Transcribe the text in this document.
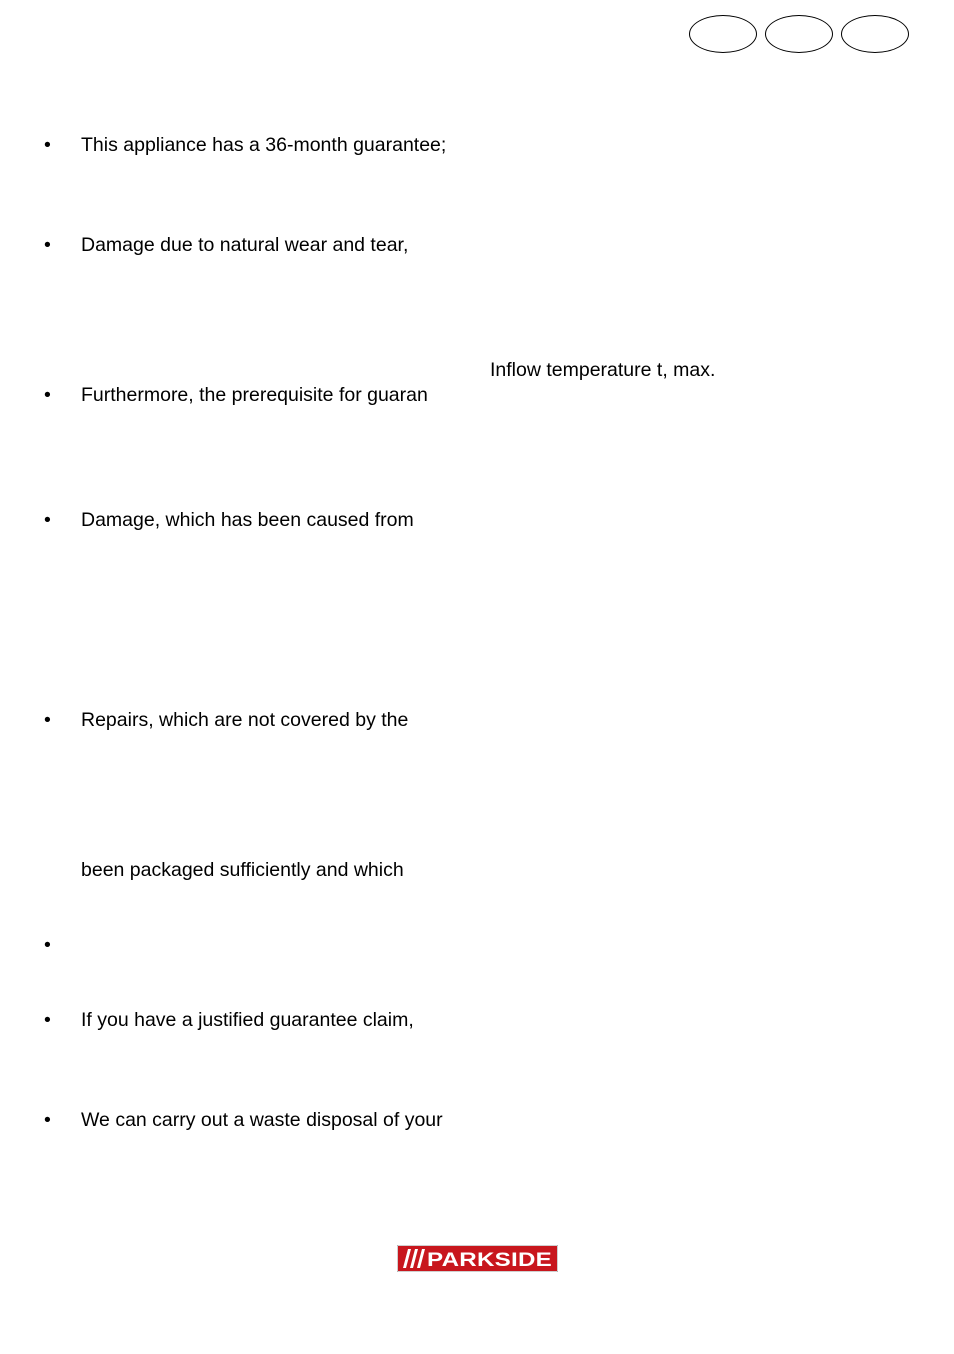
• This appliance has a 36-month guarantee;
• Damage due to natural wear and tear,
Inflow temperature t, max.
• Furthermore, the prerequisite for guaran
• Damage, which has been caused from
• Repairs, which are not covered by the
been packaged sufficiently and which
•
• If you have a justified guarantee claim,
• We can carry out a waste disposal of your
PARKSIDE
